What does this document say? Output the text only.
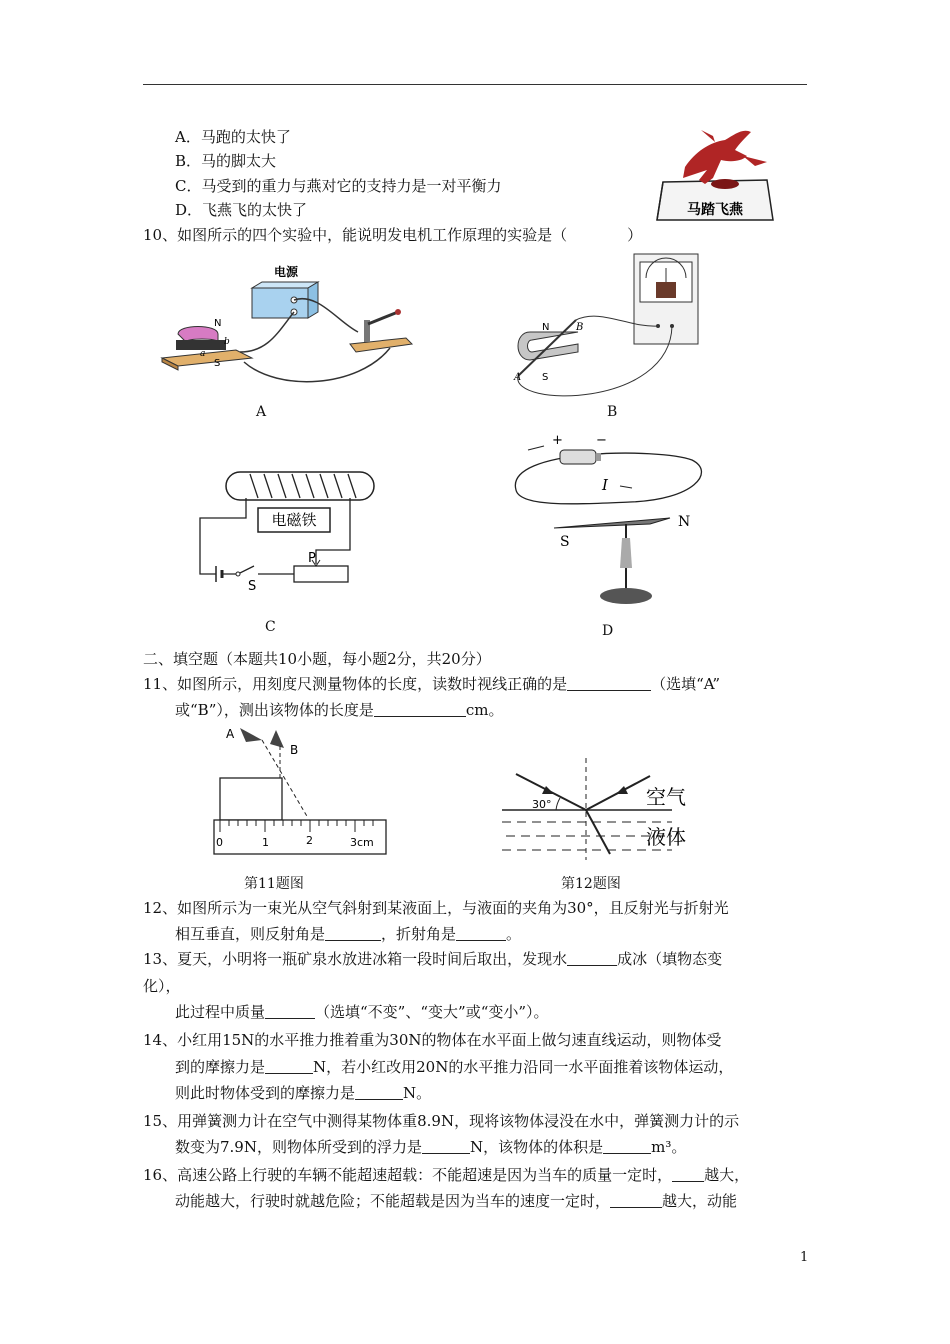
A．马跑的太快了
B．马的脚太大
C．马受到的重力与燕对它的支持力是一对平衡力
D．飞燕飞的太快了	马踏飞燕
10、如图所示的四个实验中，能说明发电机工作原理的实验是（　　　　）
电源
N
S
a
b
A
N
S
A
B
B
电磁铁
S
P
C
+	−
I
S
N
D
二、填空题（本题共10小题，每小题2分，共20分）
11、如图所示，用刻度尺测量物体的长度，读数时视线正确的是	（选填“A”
或“B”），测出该物体的长度是	cm。
A
B
0	1	2	3cm
第11题图
30°	空气
液体
第12题图
12、如图所示为一束光从空气斜射到某液面上，与液面的夹角为30°，且反射光与折射光
相互垂直，则反射角是	，折射角是	。
13、夏天，小明将一瓶矿泉水放进冰箱一段时间后取出，发现水	成冰（填物态变
化），
此过程中质量	（选填“不变”、“变大”或“变小”）。
14、小红用15N的水平推力推着重为30N的物体在水平面上做匀速直线运动，则物体受
到的摩擦力是	N，若小红改用20N的水平推力沿同一水平面推着该物体运动，
则此时物体受到的摩擦力是	N。
15、用弹簧测力计在空气中测得某物体重8.9N，现将该物体浸没在水中，弹簧测力计的示
数变为7.9N，则物体所受到的浮力是	N，该物体的体积是	m³。
16、高速公路上行驶的车辆不能超速超载：不能超速是因为当车的质量一定时， 越大，
动能越大，行驶时就越危险；不能超载是因为当车的速度一定时，	越大，动能
1
